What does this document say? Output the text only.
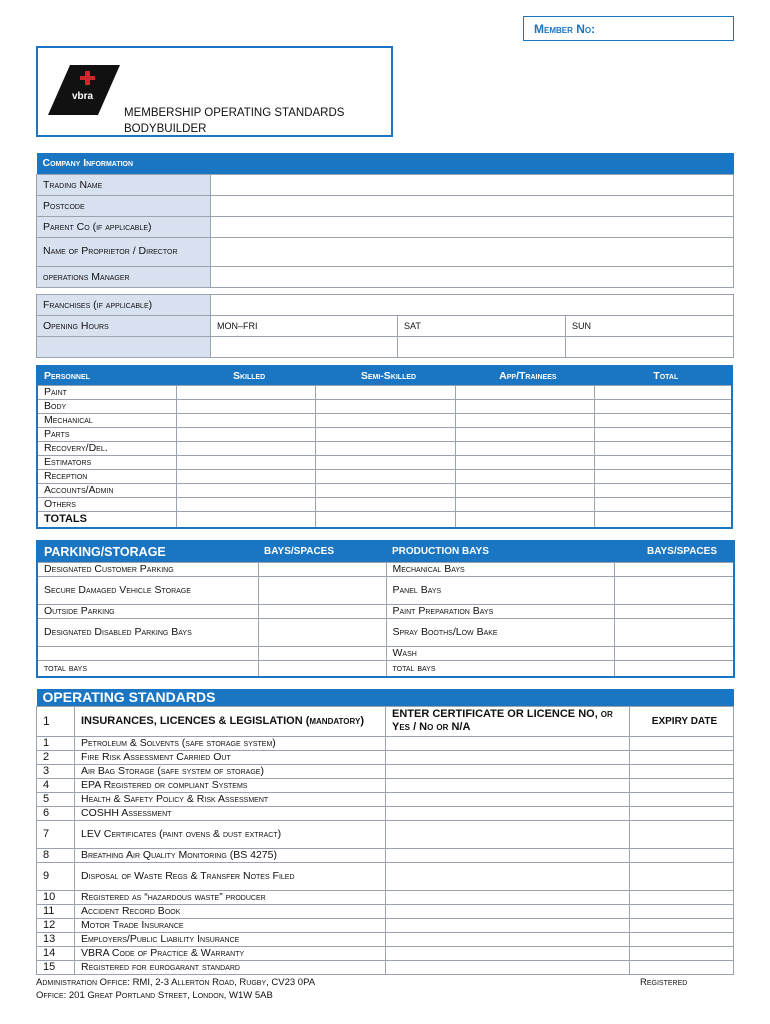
Member No:
vbra
MEMBERSHIP OPERATING STANDARDS
BODYBUILDER
Company Information	
Trading Name	
Postcode	
Parent Co (if applicable)	
Name of Proprietor / Director	
operations Manager	
Franchises (if applicable)			
Opening Hours	MON–FRI	SAT	SUN

Personnel	Skilled	Semi-Skilled	App/Trainees	Total
Paint				
Body				
Mechanical				
Parts				
Recovery/Del.				
Estimators				
Reception				
Accounts/Admin				
Others				
TOTALS				
PARKING/STORAGE	BAYS/SPACES	PRODUCTION BAYS	BAYS/SPACES
Designated Customer Parking		Mechanical Bays	
Secure Damaged Vehicle Storage		Panel Bays	
Outside Parking		Paint Preparation Bays	
Designated Disabled Parking Bays		Spray Booths/Low Bake	
		Wash	
total bays		total bays	
OPERATING STANDARDS			
1	INSURANCES, LICENCES & LEGISLATION (mandatory)	ENTER CERTIFICATE OR LICENCE NO, or Yes / No or N/A	EXPIRY DATE
1	Petroleum & Solvents (safe storage system)		
2	Fire Risk Assessment Carried Out		
3	Air Bag Storage (safe system of storage)		
4	EPA Registered or compliant Systems		
5	Health & Safety Policy & Risk Assessment		
6	COSHH Assessment		
7	LEV Certificates (paint ovens & dust extract)		
8	Breathing Air Quality Monitoring (BS 4275)		
9	Disposal of Waste Regs & Transfer Notes Filed		
10	Registered as “hazardous waste” producer		
11	Accident Record Book		
12	Motor Trade Insurance		
13	Employers/Public Liability Insurance		
14	VBRA Code of Practice & Warranty		
15	Registered for eurogarant standard		
Administration Office: RMI, 2-3 Allerton Road, Rugby, CV23 0PA
Office: 201 Great Portland Street, London, W1W 5AB
Registered
